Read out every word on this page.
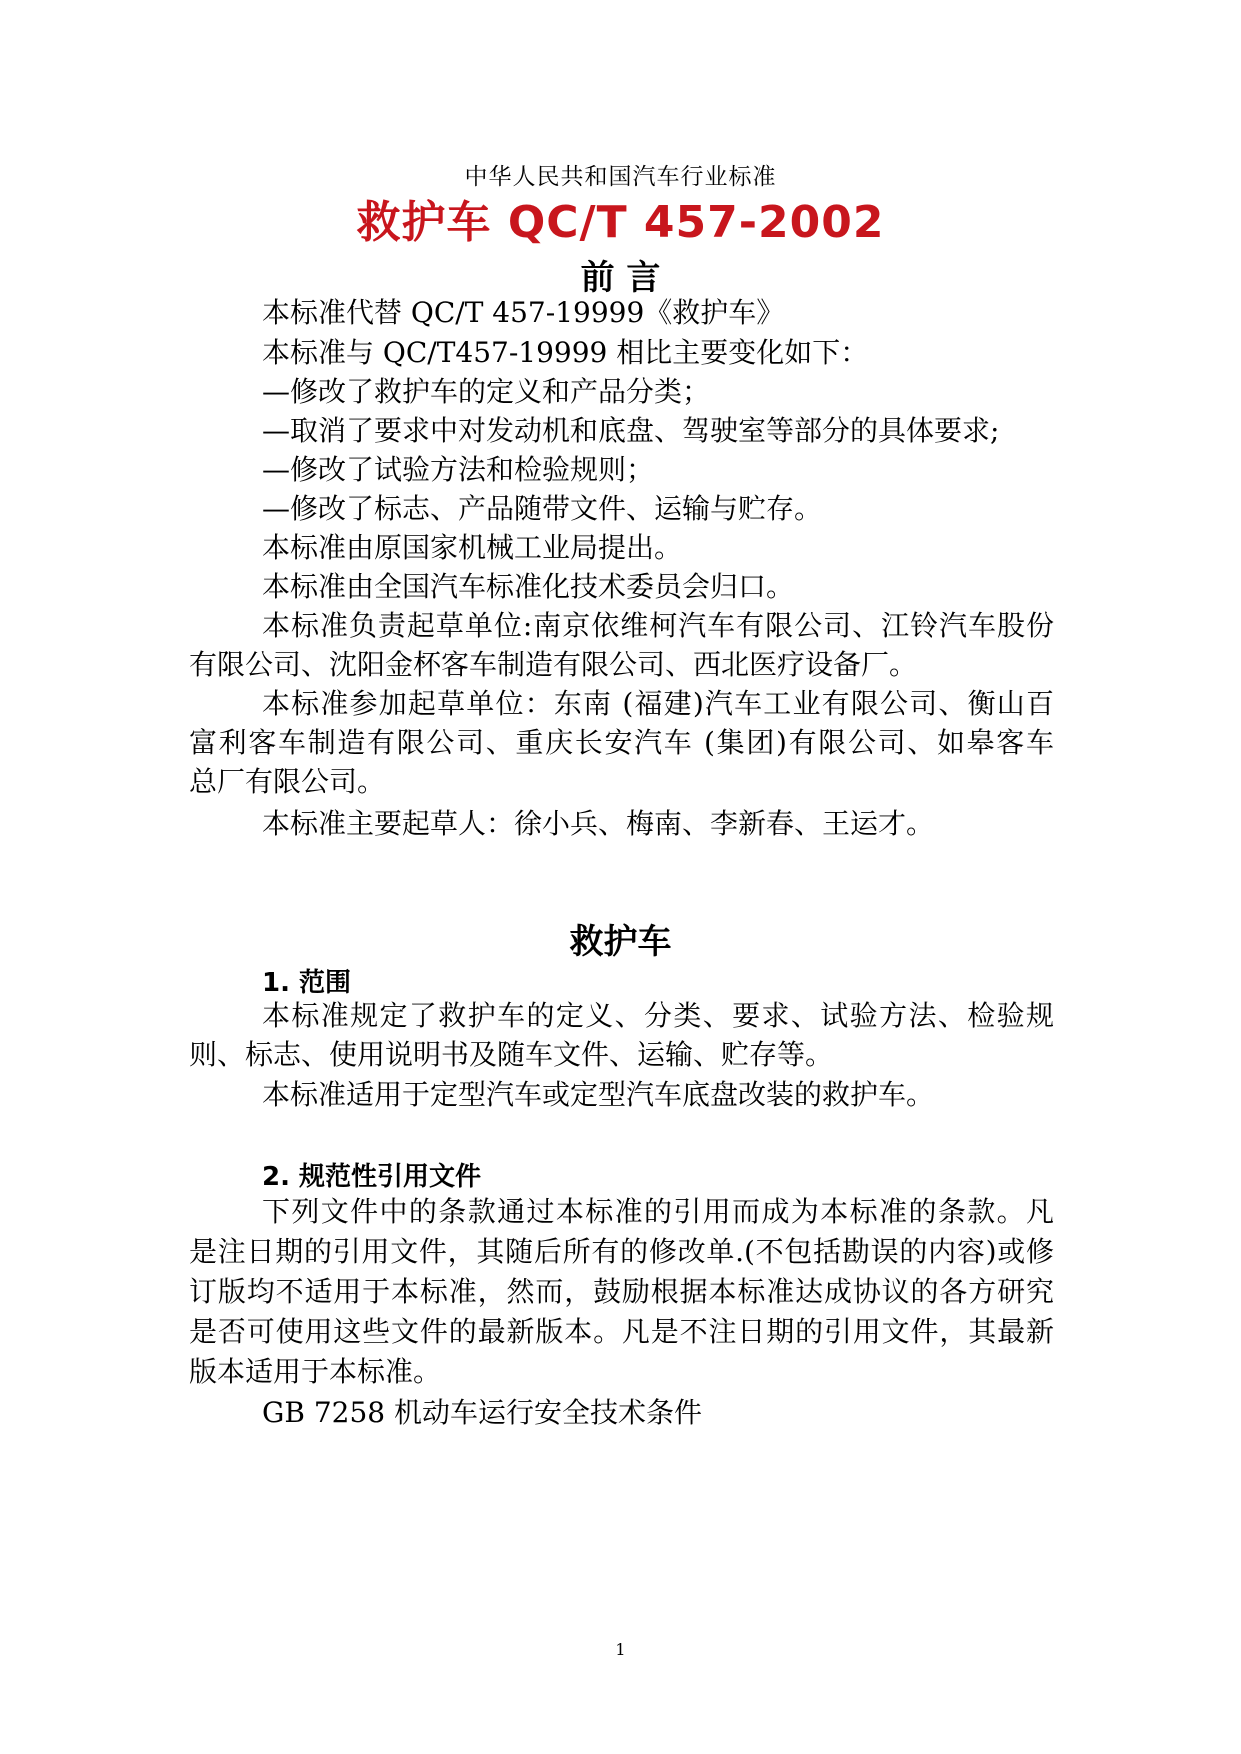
中华人民共和国汽车行业标准
救护车 QC/T 457-2002
前 言
本标准代替 QC/T 457-19999《救护车》
本标准与 QC/T457-19999 相比主要变化如下：
—修改了救护车的定义和产品分类；
—取消了要求中对发动机和底盘、驾驶室等部分的具体要求;
—修改了试验方法和检验规则；
—修改了标志、产品随带文件、运输与贮存。
本标准由原国家机械工业局提出。
本标准由全国汽车标准化技术委员会归口。
本标准负责起草单位:南京依维柯汽车有限公司、江铃汽车股份
有限公司、沈阳金杯客车制造有限公司、西北医疗设备厂。
本标准参加起草单位：东南 (福建)汽车工业有限公司、衡山百
富利客车制造有限公司、重庆长安汽车 (集团)有限公司、如皋客车
总厂有限公司。
本标准主要起草人：徐小兵、梅南、李新春、王运才。
救护车
1. 范围
本标准规定了救护车的定义、分类、要求、试验方法、检验规
则、标志、使用说明书及随车文件、运输、贮存等。
本标准适用于定型汽车或定型汽车底盘改装的救护车。
2. 规范性引用文件
下列文件中的条款通过本标准的引用而成为本标准的条款。凡
是注日期的引用文件，其随后所有的修改单.(不包括勘误的内容)或修
订版均不适用于本标准，然而，鼓励根据本标准达成协议的各方研究
是否可使用这些文件的最新版本。凡是不注日期的引用文件，其最新
版本适用于本标准。
GB 7258 机动车运行安全技术条件
1
